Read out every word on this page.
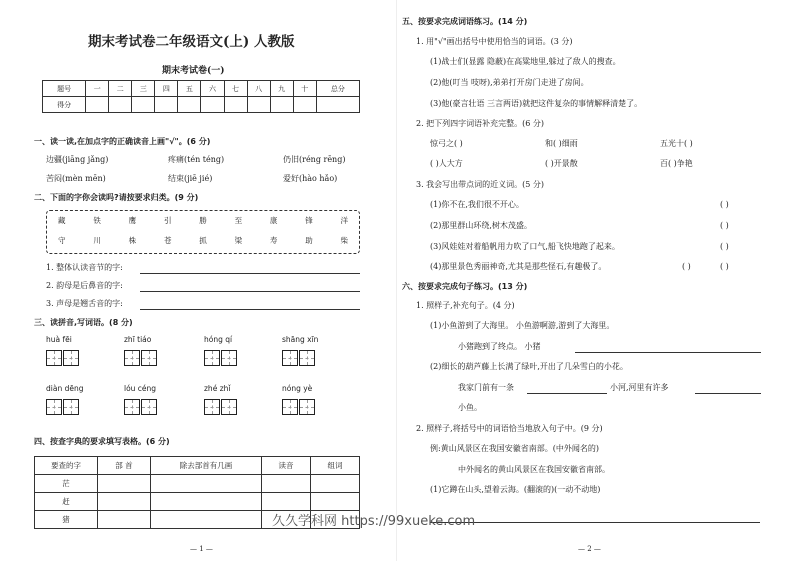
期末考试卷二年级语文(上) 人教版
期末考试卷(一)
题号	一	二	三	四	五	六	七	八	九	十	总分
得分											
一、读一读,在加点字的正确读音上画"√"。(6 分)
边疆(jiāng jǎng)	疼痛(tén téng)	仍旧(réng rēng)
苦闷(mèn mēn)	结束(jiē jié)	爱好(hào hǎo)
二、下面的字你会读吗?请按要求归类。(9 分)
藏	铁	鹰	引	勝	至	康	锋	洋
守	川	株	苍	抓	梁	寿	助	柴
1. 整体认读音节的字:
2. 韵母是后鼻音的字:
3. 声母是翘舌音的字:
三、读拼音,写词语。(8 分)
huà fēi	zhī tiáo	hóng qí	shāng xīn
diàn dēng	lóu céng	zhé zhǐ	nóng yè
四、按查字典的要求填写表格。(6 分)
要查的字	部 首	除去部首有几画	读音	组词
茫				
赶				
猪				
— 1 —
五、按要求完成词语练习。(14 分)
1. 用"√"画出括号中使用恰当的词语。(3 分)
(1)战士们(显露 隐蔽)在高粱地里,躲过了敌人的搜查。
(2)他(叮当 吱呀),弟弟打开房门走进了房间。
(3)他(豪言壮语 三言两语)就把这件复杂的事情解释清楚了。
2. 把下列四字词语补充完整。(6 分)
惊弓之( )	和( )细雨	五光十( )
( )人大方	( )开景散	百( )争艳
3. 我会写出带点词的近义词。(5 分)
(1)你不在,我们很不开心。	( )
(2)那里群山环绕,树木茂盛。	( )
(3)风娃娃对着船帆用力吹了口气,船飞快地跑了起来。	( )
(4)那里景色秀丽神奇,尤其是那些怪石,有趣极了。	( )	( )
六、按要求完成句子练习。(13 分)
1. 照样子,补充句子。(4 分)
(1)小鱼游到了大海里。 小鱼游啊游,游到了大海里。
小猪跑到了终点。 小猪
(2)细长的葫芦藤上长满了绿叶,开出了几朵雪白的小花。
我家门前有一条	小河,河里有许多
小鱼。
2. 照样子,将括号中的词语恰当地放入句子中。(9 分)
例:黄山风景区在我国安徽省南部。(中外闻名的)
中外闻名的黄山风景区在我国安徽省南部。
(1)它蹲在山头,望着云海。(翻滚的)(一动不动地)
— 2 —
久久学科网 https://99xueke.com
